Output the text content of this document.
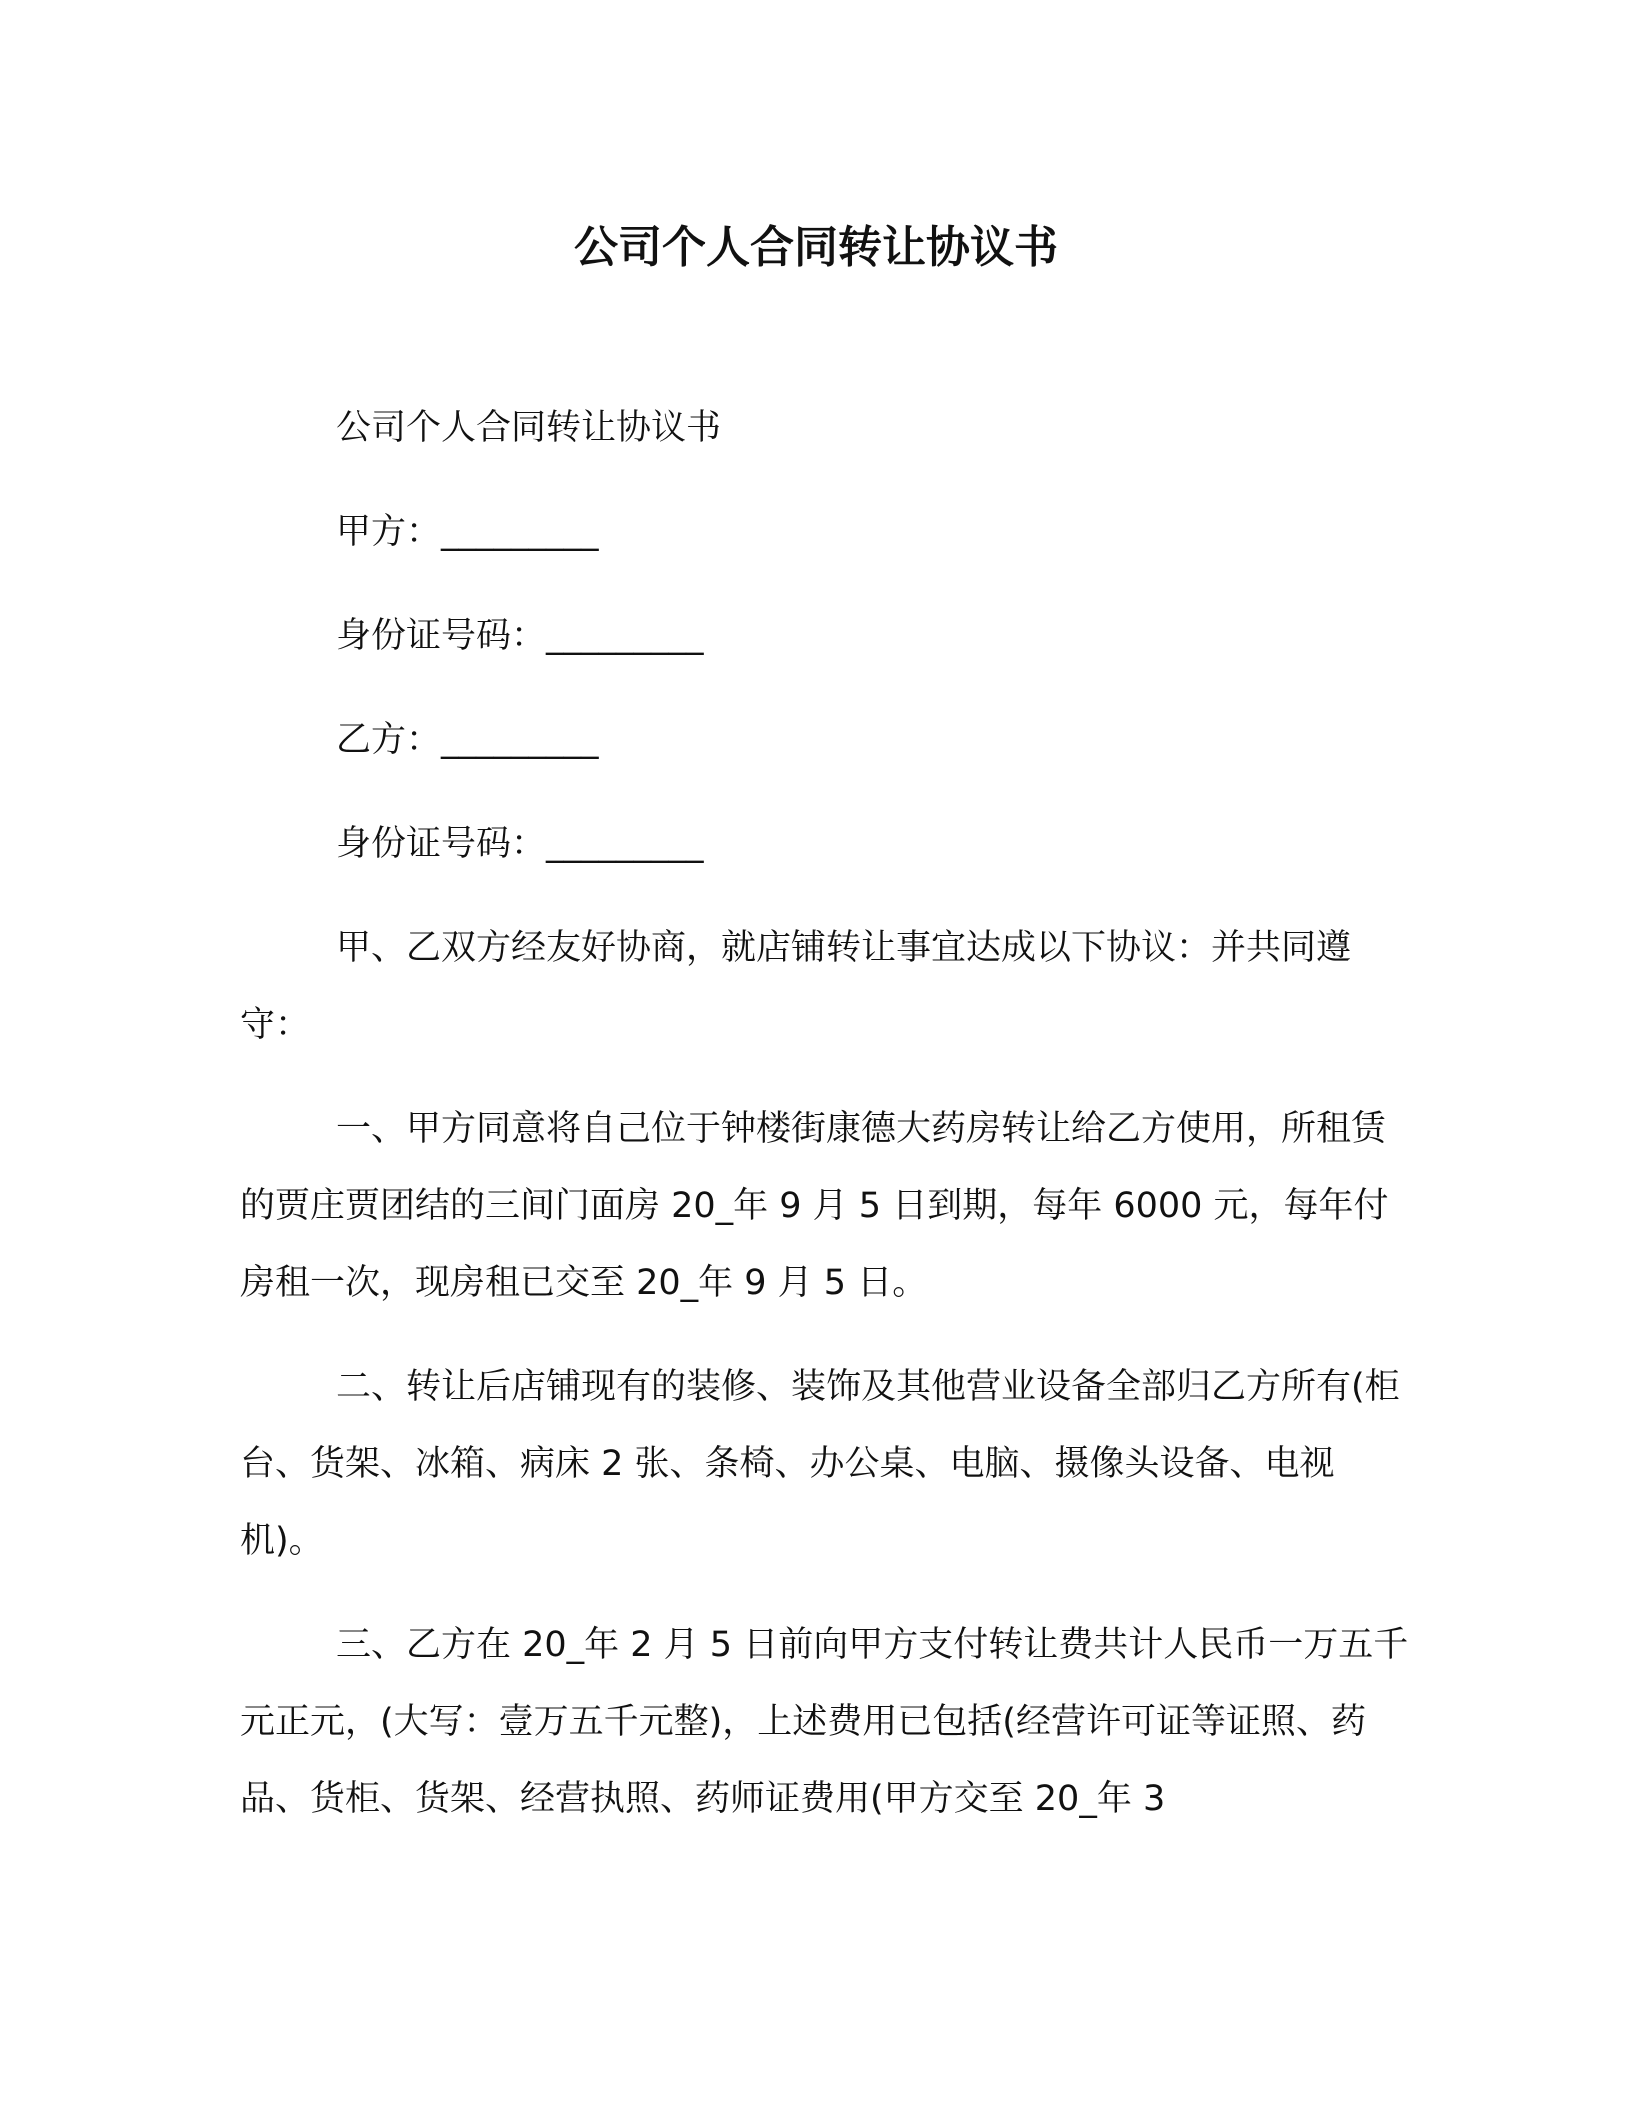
公司个人合同转让协议书

公司个人合同转让协议书

甲方：_________

身份证号码：_________

乙方：_________

身份证号码：_________

甲、乙双方经友好协商，就店铺转让事宜达成以下协议：并共同遵守：

一、甲方同意将自己位于钟楼街康德大药房转让给乙方使用，所租赁的贾庄贾团结的三间门面房 20_年 9 月 5 日到期，每年 6000 元，每年付房租一次，现房租已交至 20_年 9 月 5 日。

二、转让后店铺现有的装修、装饰及其他营业设备全部归乙方所有(柜台、货架、冰箱、病床 2 张、条椅、办公桌、电脑、摄像头设备、电视机)。

三、乙方在 20_年 2 月 5 日前向甲方支付转让费共计人民币一万五千元正元，(大写：壹万五千元整)，上述费用已包括(经营许可证等证照、药品、货柜、货架、经营执照、药师证费用(甲方交至 20_年 3
